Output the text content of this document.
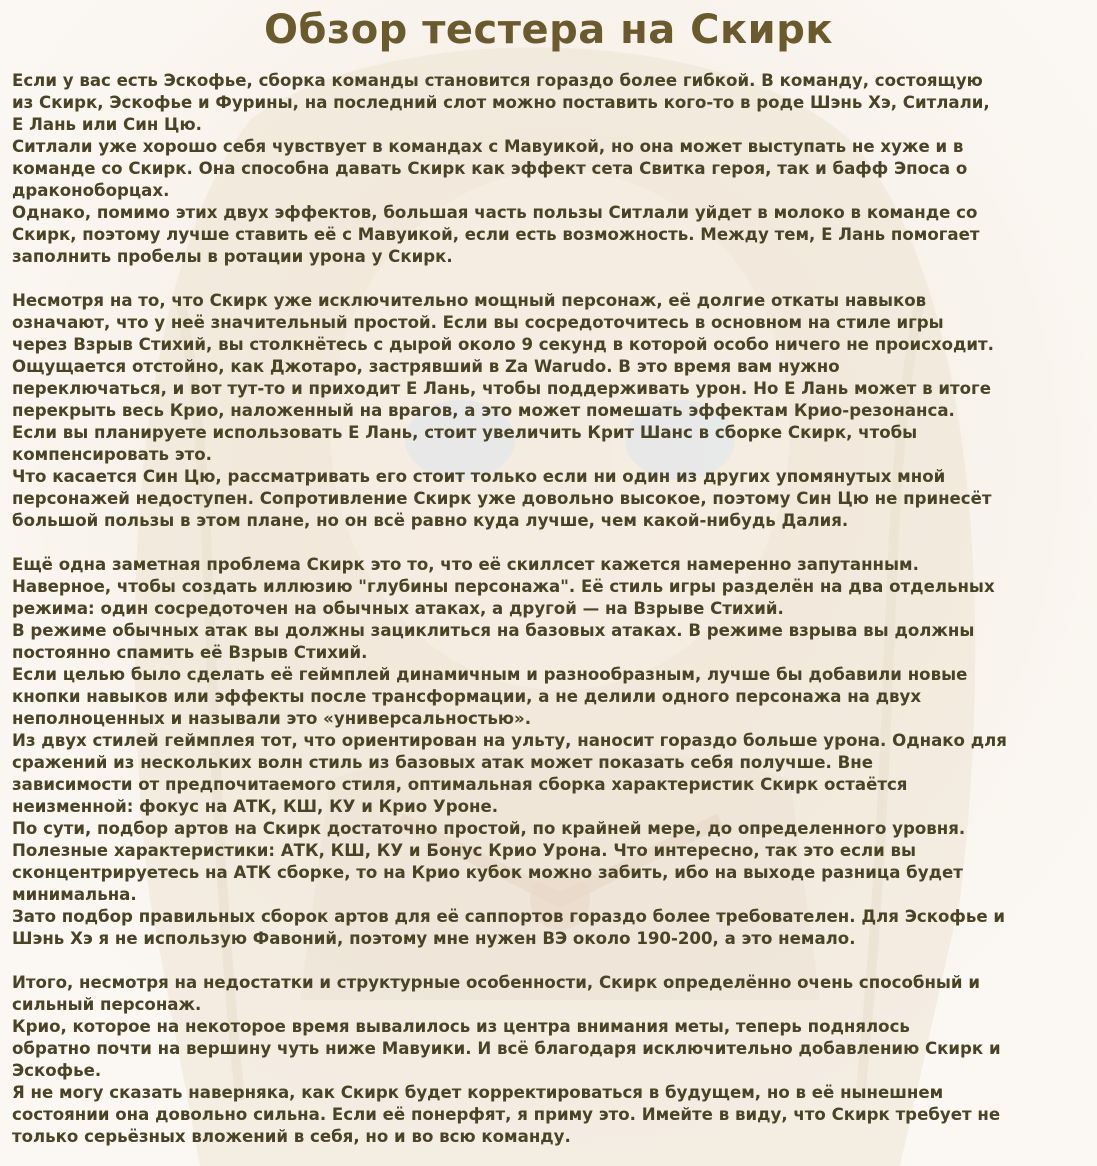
Обзор тестера на Скирк
Если у вас есть Эскофье, сборка команды становится гораздо более гибкой. В команду, состоящую
из Скирк, Эскофье и Фурины, на последний слот можно поставить кого-то в роде Шэнь Хэ, Ситлали,
Е Лань или Син Цю.
Ситлали уже хорошо себя чувствует в командах с Мавуикой, но она может выступать не хуже и в
команде со Скирк. Она способна давать Скирк как эффект сета Свитка героя, так и бафф Эпоса о
драконоборцах.
Однако, помимо этих двух эффектов, большая часть пользы Ситлали уйдет в молоко в команде со
Скирк, поэтому лучше ставить её с Мавуикой, если есть возможность. Между тем, Е Лань помогает
заполнить пробелы в ротации урона у Скирк.
Несмотря на то, что Скирк уже исключительно мощный персонаж, её долгие откаты навыков
означают, что у неё значительный простой. Если вы сосредоточитесь в основном на стиле игры
через Взрыв Стихий, вы столкнётесь с дырой около 9 секунд в которой особо ничего не происходит.
Ощущается отстойно, как Джотаро, застрявший в Za Warudo. В это время вам нужно
переключаться, и вот тут-то и приходит Е Лань, чтобы поддерживать урон. Но Е Лань может в итоге
перекрыть весь Крио, наложенный на врагов, а это может помешать эффектам Крио-резонанса.
Если вы планируете использовать Е Лань, стоит увеличить Крит Шанс в сборке Скирк, чтобы
компенсировать это.
Что касается Син Цю, рассматривать его стоит только если ни один из других упомянутых мной
персонажей недоступен. Сопротивление Скирк уже довольно высокое, поэтому Син Цю не принесёт
большой пользы в этом плане, но он всё равно куда лучше, чем какой-нибудь Далия.
Ещё одна заметная проблема Скирк это то, что её скиллсет кажется намеренно запутанным.
Наверное, чтобы создать иллюзию "глубины персонажа". Её стиль игры разделён на два отдельных
режима: один сосредоточен на обычных атаках, а другой — на Взрыве Стихий.
В режиме обычных атак вы должны зациклиться на базовых атаках. В режиме взрыва вы должны
постоянно спамить её Взрыв Стихий.
Если целью было сделать её геймплей динамичным и разнообразным, лучше бы добавили новые
кнопки навыков или эффекты после трансформации, а не делили одного персонажа на двух
неполноценных и называли это «универсальностью».
Из двух стилей геймплея тот, что ориентирован на ульту, наносит гораздо больше урона. Однако для
сражений из нескольких волн стиль из базовых атак может показать себя получше. Вне
зависимости от предпочитаемого стиля, оптимальная сборка характеристик Скирк остаётся
неизменной: фокус на АТК, КШ, КУ и Крио Уроне.
По сути, подбор артов на Скирк достаточно простой, по крайней мере, до определенного уровня.
Полезные характеристики: АТК, КШ, КУ и Бонус Крио Урона. Что интересно, так это если вы
сконцентрируетесь на АТК сборке, то на Крио кубок можно забить, ибо на выходе разница будет
минимальна.
Зато подбор правильных сборок артов для её саппортов гораздо более требователен. Для Эскофье и
Шэнь Хэ я не использую Фавоний, поэтому мне нужен ВЭ около 190-200, а это немало.
Итого, несмотря на недостатки и структурные особенности, Скирк определённо очень способный и
сильный персонаж.
Крио, которое на некоторое время вывалилось из центра внимания меты, теперь поднялось
обратно почти на вершину чуть ниже Мавуики. И всё благодаря исключительно добавлению Скирк и
Эскофье.
Я не могу сказать наверняка, как Скирк будет корректироваться в будущем, но в её нынешнем
состоянии она довольно сильна. Если её понерфят, я приму это. Имейте в виду, что Скирк требует не
только серьёзных вложений в себя, но и во всю команду.
